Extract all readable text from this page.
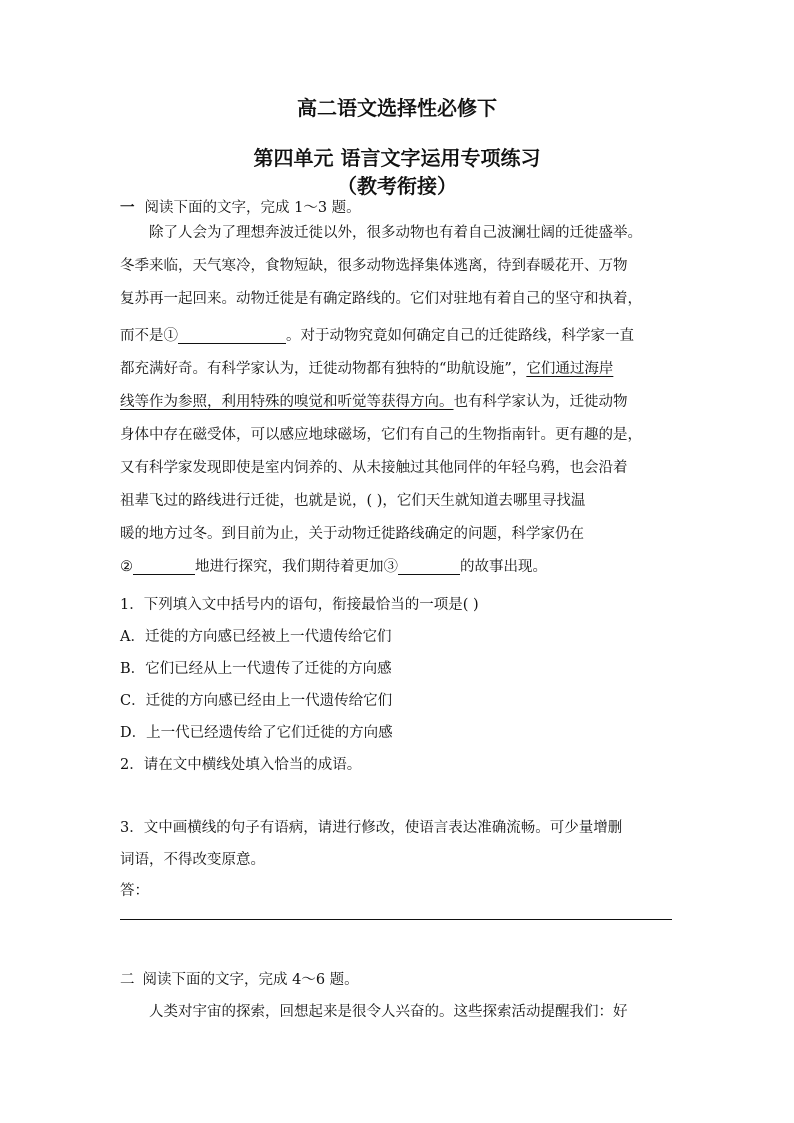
高二语文选择性必修下
第四单元 语言文字运用专项练习
（教考衔接）
一 阅读下面的文字，完成 1～3 题。
除了人会为了理想奔波迁徙以外，很多动物也有着自己波澜壮阔的迁徙盛举。
冬季来临，天气寒冷，食物短缺，很多动物选择集体逃离，待到春暖花开、万物
复苏再一起回来。动物迁徙是有确定路线的。它们对驻地有着自己的坚守和执着，
而不是①	。对于动物究竟如何确定自己的迁徙路线，科学家一直
都充满好奇。有科学家认为，迁徙动物都有独特的“助航设施”，它们通过海岸
线等作为参照，利用特殊的嗅觉和听觉等获得方向。也有科学家认为，迁徙动物
身体中存在磁受体，可以感应地球磁场，它们有自己的生物指南针。更有趣的是，
又有科学家发现即使是室内饲养的、从未接触过其他同伴的年轻乌鸦，也会沿着
祖辈飞过的路线进行迁徙，也就是说，( )，它们天生就知道去哪里寻找温
暖的地方过冬。到目前为止，关于动物迁徙路线确定的问题，科学家仍在
②	地进行探究，我们期待着更加③	的故事出现。
1．下列填入文中括号内的语句，衔接最恰当的一项是( )
A．迁徙的方向感已经被上一代遗传给它们
B．它们已经从上一代遗传了迁徙的方向感
C．迁徙的方向感已经由上一代遗传给它们
D．上一代已经遗传给了它们迁徙的方向感
2．请在文中横线处填入恰当的成语。
3．文中画横线的句子有语病，请进行修改，使语言表达准确流畅。可少量增删
词语，不得改变原意。
答：
二 阅读下面的文字，完成 4～6 题。
人类对宇宙的探索，回想起来是很令人兴奋的。这些探索活动提醒我们：好
